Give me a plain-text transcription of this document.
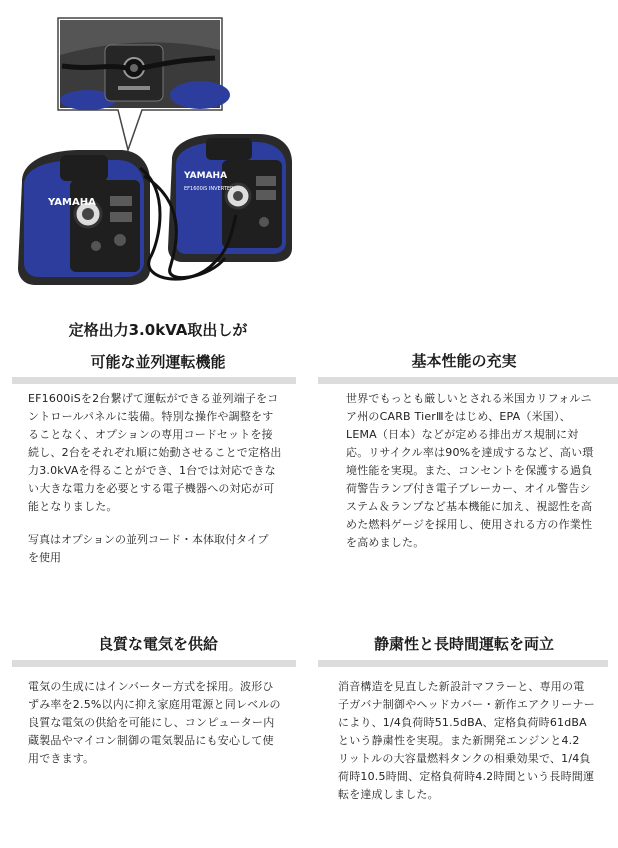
YAMAHA
YAMAHA
EF1600iS INVERTER
定格出力3.0kVA取出しが
可能な並列運転機能
EF1600iSを2台繋げて運転ができる並列端子をコ
ントロールパネルに装備。特別な操作や調整をす
ることなく、オプションの専用コードセットを接
続し、2台をそれぞれ順に始動させることで定格出
力3.0kVAを得ることができ、1台では対応できな
い大きな電力を必要とする電子機器への対応が可
能となりました。
写真はオプションの並列コード・本体取付タイプ
を使用
基本性能の充実
世界でもっとも厳しいとされる米国カリフォルニ
ア州のCARB TierⅢをはじめ、EPA（米国）、
LEMA（日本）などが定める排出ガス規制に対
応。リサイクル率は90%を達成するなど、高い環
境性能を実現。また、コンセントを保護する過負
荷警告ランプ付き電子ブレーカー、オイル警告シ
ステム＆ランプなど基本機能に加え、視認性を高
めた燃料ゲージを採用し、使用される方の作業性
を高めました。
良質な電気を供給
電気の生成にはインバーター方式を採用。波形ひ
ずみ率を2.5%以内に抑え家庭用電源と同レベルの
良質な電気の供給を可能にし、コンピューター内
蔵製品やマイコン制御の電気製品にも安心して使
用できます。
静粛性と長時間運転を両立
消音構造を見直した新設計マフラーと、専用の電
子ガバナ制御やヘッドカバー・新作エアクリーナー
により、1/4負荷時51.5dBA、定格負荷時61dBA
という静粛性を実現。また新開発エンジンと4.2
リットルの大容量燃料タンクの相乗効果で、1/4負
荷時10.5時間、定格負荷時4.2時間という長時間運
転を達成しました。
